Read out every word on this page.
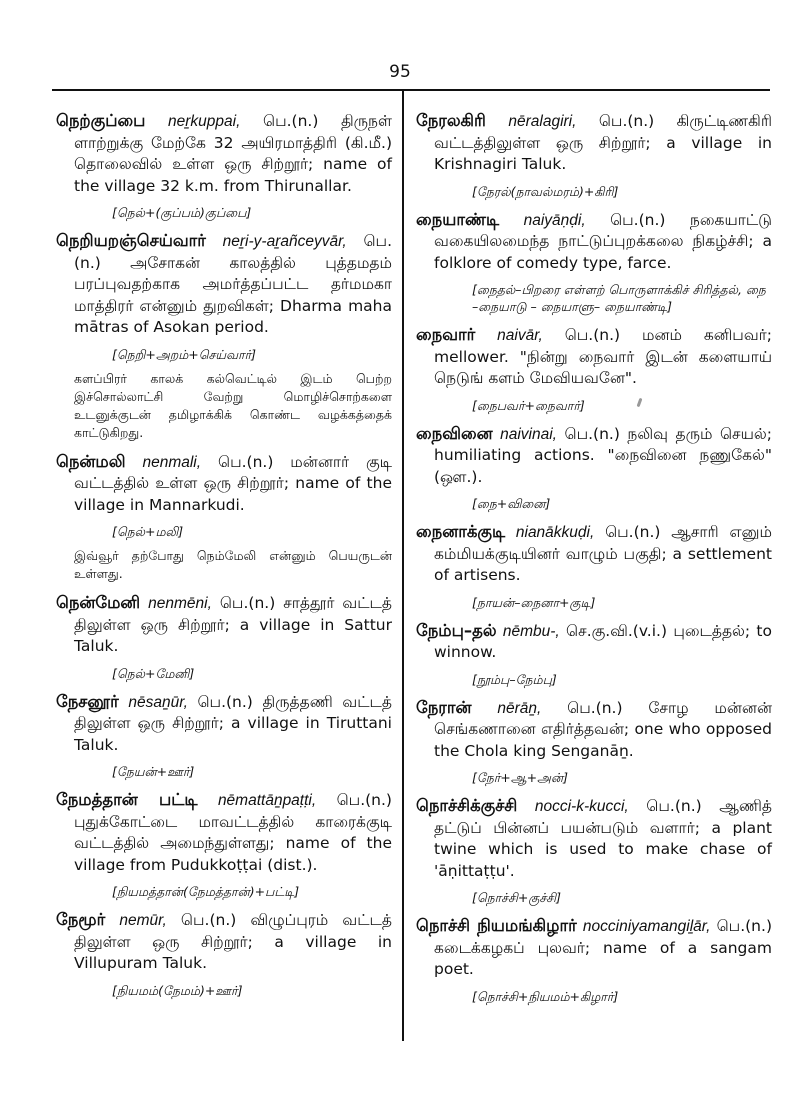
95

நெற்குப்பை neṟkuppai, பெ.(n.) திருநள் ளாற்றுக்கு மேற்கே 32 அயிரமாத்திரி (கி.மீ.) தொலைவில் உள்ள ஒரு சிற்றூர்; name of the village 32 k.m. from Thirunallar.

[நெல்+(குப்பம்)குப்பை]

நெறியறஞ்செய்வார் neṟi-y-aṟañceyvār, பெ.(n.) அசோகன் காலத்தில் புத்தமதம் பரப்புவதற்காக அமர்த்தப்பட்ட தர்மமகா மாத்திரர் என்னும் துறவிகள்; Dharma maha mātras of Asokan period.

[நெறி+அறம்+செய்வார்]
களப்பிரர் காலக் கல்வெட்டில் இடம் பெற்ற இச்சொல்லாட்சி வேற்று மொழிச்சொற்களை உடனுக்குடன் தமிழாக்கிக் கொண்ட வழக்கத்தைக் காட்டுகிறது.

நென்மலி nenmali, பெ.(n.) மன்னார் குடி வட்டத்தில் உள்ள ஒரு சிற்றூர்; name of the village in Mannarkudi.

[நெல்+மலி]
இவ்வூர் தற்போது நெம்மேலி என்னும் பெயருடன் உள்ளது.

நென்மேனி nenmēni, பெ.(n.) சாத்தூர் வட்டத் திலுள்ள ஒரு சிற்றூர்; a village in Sattur Taluk.

[நெல்+மேனி]

நேசனூர் nēsaṉūr, பெ.(n.) திருத்தணி வட்டத் திலுள்ள ஒரு சிற்றூர்; a village in Tiruttani Taluk.

[நேயன்+ஊர்]

நேமத்தான் பட்டி nēmattāṉpaṭṭi, பெ.(n.) புதுக்கோட்டை மாவட்டத்தில் காரைக்குடி வட்டத்தில் அமைந்துள்ளது; name of the village from Pudukkoṭṭai (dist.).

[நியமத்தான்(நேமத்தான்)+பட்டி]

நேமூர் nemūr, பெ.(n.) விழுப்புரம் வட்டத் திலுள்ள ஒரு சிற்றூர்; a village in Villupuram Taluk.

[நியமம்(நேமம்)+ஊர்]

நேரலகிரி nēralagiri, பெ.(n.) கிருட்டிணகிரி வட்டத்திலுள்ள ஒரு சிற்றூர்; a village in Krishnagiri Taluk.

[நேரல்(நாவல்மரம்)+கிரி]

நையாண்டி naiyāṇḍi, பெ.(n.) நகையாட்டு வகையிலமைந்த நாட்டுப்புறக்கலை நிகழ்ச்சி; a folklore of comedy type, farce.

[நைதல்–பிறரை எள்ளற் பொருளாக்கிச் சிரித்தல், நை –நையாடு – நையாளு– நையாண்டி]

நைவார் naivār, பெ.(n.) மனம் கனிபவர்; mellower. "நின்று நைவார் இடன் களையாய் நெடுங் களம் மேவியவனே".

[நைபவர்+நைவார்]

நைவினை naivinai, பெ.(n.) நலிவு தரும் செயல்; humiliating actions. "நைவினை நணுகேல்" (ஔ.).

[நை+வினை]

நைனாக்குடி nianākkuḍi, பெ.(n.) ஆசாரி எனும் கம்மியக்குடியினர் வாழும் பகுதி; a settlement of artisens.

[நாயன்–நைனா+குடி]

நேம்பு–தல் nēmbu-, செ.கு.வி.(v.i.) புடைத்தல்; to winnow.

[நூம்பு–நேம்பு]

நேரான் nērāṉ, பெ.(n.) சோழ மன்னன் செங்கணானை எதிர்த்தவன்; one who opposed the Chola king Senganāṉ.

[நேர்+ஆ+அன்]

நொச்சிக்குச்சி nocci-k-kucci, பெ.(n.) ஆணித் தட்டுப் பின்னப் பயன்படும் வளார்; a plant twine which is used to make chase of 'āṇittaṭṭu'.

[நொச்சி+குச்சி]

நொச்சி நியமங்கிழார் nocciniyamangiḻār, பெ.(n.) கடைக்கழகப் புலவர்; name of a sangam poet.

[நொச்சி+நியமம்+கிழார்]
